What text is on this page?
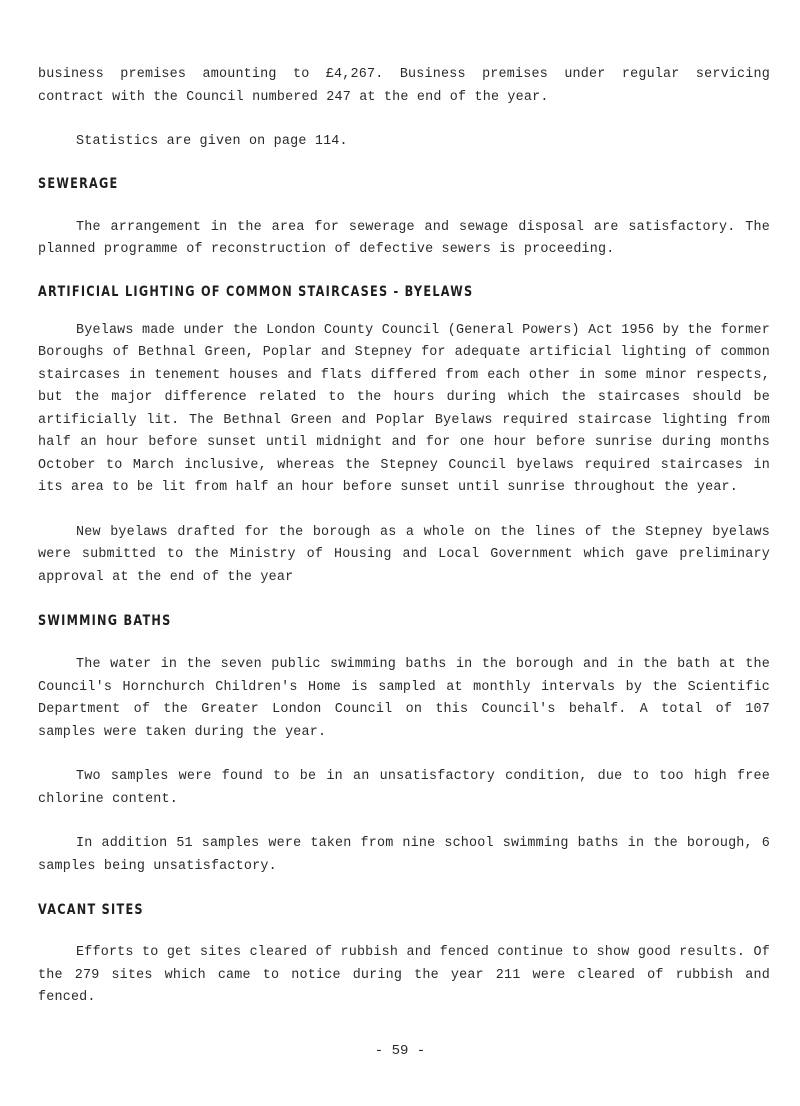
business premises amounting to £4,267. Business premises under regular servicing contract with the Council numbered 247 at the end of the year.

Statistics are given on page 114.

SEWERAGE

The arrangement in the area for sewerage and sewage disposal are satisfactory. The planned programme of reconstruction of defective sewers is proceeding.

ARTIFICIAL LIGHTING OF COMMON STAIRCASES - BYELAWS

Byelaws made under the London County Council (General Powers) Act 1956 by the former Boroughs of Bethnal Green, Poplar and Stepney for adequate artificial lighting of common staircases in tenement houses and flats differed from each other in some minor respects, but the major difference related to the hours during which the staircases should be artificially lit. The Bethnal Green and Poplar Byelaws required staircase lighting from half an hour before sunset until midnight and for one hour before sunrise during months October to March inclusive, whereas the Stepney Council byelaws required staircases in its area to be lit from half an hour before sunset until sunrise throughout the year.

New byelaws drafted for the borough as a whole on the lines of the Stepney byelaws were submitted to the Ministry of Housing and Local Government which gave preliminary approval at the end of the year

SWIMMING BATHS

The water in the seven public swimming baths in the borough and in the bath at the Council's Hornchurch Children's Home is sampled at monthly intervals by the Scientific Department of the Greater London Council on this Council's behalf. A total of 107 samples were taken during the year.

Two samples were found to be in an unsatisfactory condition, due to too high free chlorine content.

In addition 51 samples were taken from nine school swimming baths in the borough, 6 samples being unsatisfactory.

VACANT SITES

Efforts to get sites cleared of rubbish and fenced continue to show good results. Of the 279 sites which came to notice during the year 211 were cleared of rubbish and fenced.

- 59 -
